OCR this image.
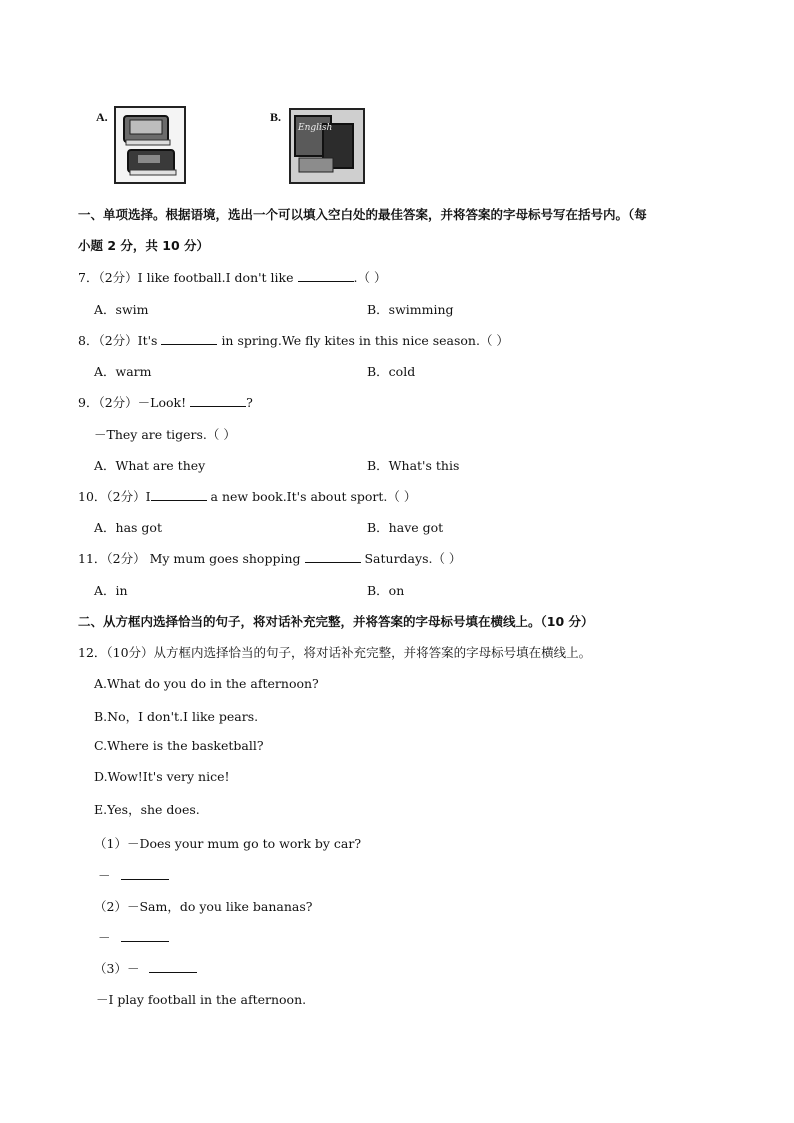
A.	B.
English
一、单项选择。根据语境，选出一个可以填入空白处的最佳答案，并将答案的字母标号写在括号内。（每
小题 2 分，共 10 分）
7．（2分）I like football.I don't like	.（ ）
A．swim	B．swimming
8．（2分）It's	in spring.We fly kites in this nice season.（ ）
A．warm	B．cold
9．（2分）－Look!	?
－They are tigers.（ ）
A．What are they	B．What's this
10．（2分）I	a new book.It's about sport.（ ）
A．has got	B．have got
11．（2分） My mum goes shopping	Saturdays.（ ）
A．in	B．on
二、从方框内选择恰当的句子，将对话补充完整，并将答案的字母标号填在横线上。（10 分）
12．（10分）从方框内选择恰当的句子，将对话补充完整，并将答案的字母标号填在横线上。
A.What do you do in the afternoon?
B.No，I don't.I like pears.
C.Where is the basketball?
D.Wow!It's very nice!
E.Yes，she does.
（1）－Does your mum go to work by car?
－
（2）－Sam，do you like bananas?
－
（3）－
－I play football in the afternoon.
